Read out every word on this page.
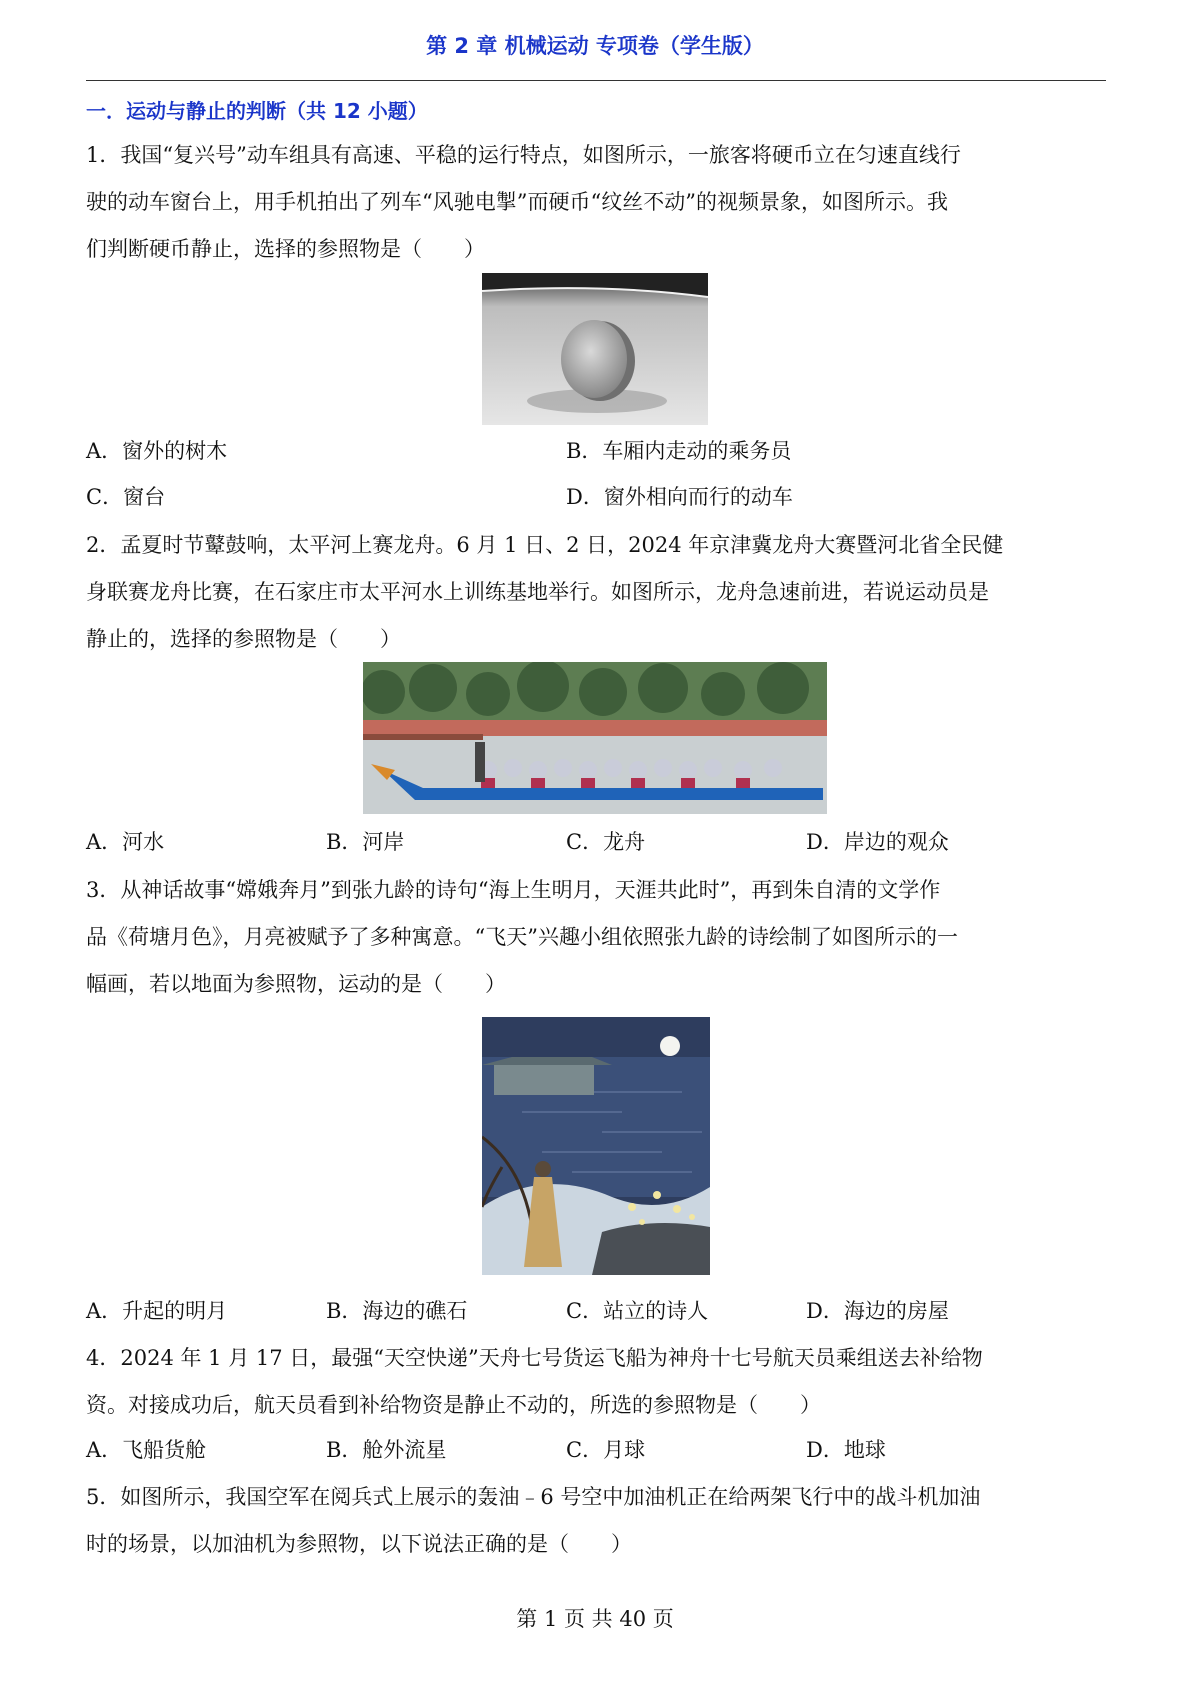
第 2 章 机械运动 专项卷（学生版）
一．运动与静止的判断（共 12 小题）
1．我国“复兴号”动车组具有高速、平稳的运行特点，如图所示，一旅客将硬币立在匀速直线行
驶的动车窗台上，用手机拍出了列车“风驰电掣”而硬币“纹丝不动”的视频景象，如图所示。我
们判断硬币静止，选择的参照物是（　　）
A．窗外的树木	B．车厢内走动的乘务员
C．窗台	D．窗外相向而行的动车
2．孟夏时节鼙鼓响，太平河上赛龙舟。6 月 1 日、2 日，2024 年京津冀龙舟大赛暨河北省全民健
身联赛龙舟比赛，在石家庄市太平河水上训练基地举行。如图所示，龙舟急速前进，若说运动员是
静止的，选择的参照物是（　　）
A．河水	B．河岸	C．龙舟	D．岸边的观众
3．从神话故事“嫦娥奔月”到张九龄的诗句“海上生明月，天涯共此时”，再到朱自清的文学作
品《荷塘月色》，月亮被赋予了多种寓意。“飞天”兴趣小组依照张九龄的诗绘制了如图所示的一
幅画，若以地面为参照物，运动的是（　　）
A．升起的明月	B．海边的礁石	C．站立的诗人	D．海边的房屋
4．2024 年 1 月 17 日，最强“天空快递”天舟七号货运飞船为神舟十七号航天员乘组送去补给物
资。对接成功后，航天员看到补给物资是静止不动的，所选的参照物是（　　）
A．飞船货舱	B．舱外流星	C．月球	D．地球
5．如图所示，我国空军在阅兵式上展示的轰油﹣6 号空中加油机正在给两架飞行中的战斗机加油
时的场景，以加油机为参照物，以下说法正确的是（　　）
第 1 页 共 40 页
